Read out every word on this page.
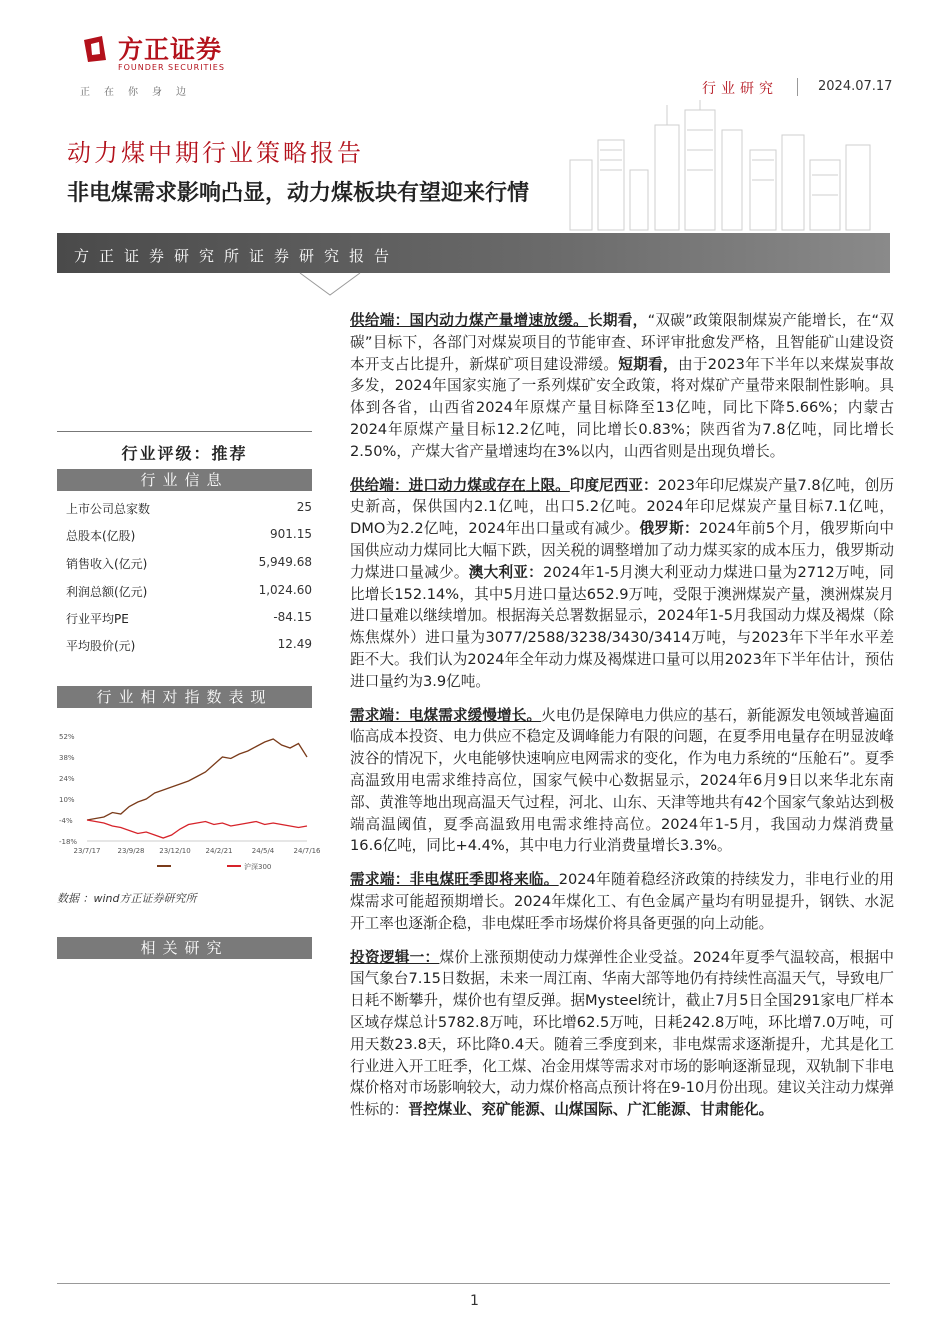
方正证券
FOUNDER SECURITIES
正在你身边	行业研究	2024.07.17
动力煤中期行业策略报告
非电煤需求影响凸显，动力煤板块有望迎来行情
方正证券研究所证券研究报告
行业评级：推荐
行业信息
上市公司总家数	25
总股本(亿股)	901.15
销售收入(亿元)	5,949.68
利润总额(亿元)	1,024.60
行业平均PE	-84.15
平均股价(元)	12.49
行业相对指数表现
52%
38%
24%
10%
-4%
-18%
23/7/17 23/9/28 23/12/10 24/2/21	24/5/4	24/7/16
沪深300
数据 ：wind方正证券研究所
相关研究

供给端：国内动力煤产量增速放缓。长期看，“双碳”政策限制煤炭产能增长，在“双碳”目标下，各部门对煤炭项目的节能审查、环评审批愈发严格，且智能矿山建设资本开支占比提升，新煤矿项目建设滞缓。短期看，由于2023年下半年以来煤炭事故多发，2024年国家实施了一系列煤矿安全政策，将对煤矿产量带来限制性影响。具体到各省，山西省2024年原煤产量目标降至13亿吨，同比下降5.66%；内蒙古2024年原煤产量目标12.2亿吨，同比增长0.83%；陕西省为7.8亿吨，同比增长2.50%，产煤大省产量增速均在3%以内，山西省则是出现负增长。

供给端：进口动力煤或存在上限。印度尼西亚：2023年印尼煤炭产量7.8亿吨，创历史新高，保供国内2.1亿吨，出口5.2亿吨。2024年印尼煤炭产量目标7.1亿吨，DMO为2.2亿吨，2024年出口量或有减少。俄罗斯：2024年前5个月，俄罗斯向中国供应动力煤同比大幅下跌，因关税的调整增加了动力煤买家的成本压力，俄罗斯动力煤进口量减少。澳大利亚：2024年1-5月澳大利亚动力煤进口量为2712万吨，同比增长152.14%，其中5月进口量达652.9万吨，受限于澳洲煤炭产量，澳洲煤炭月进口量难以继续增加。根据海关总署数据显示，2024年1-5月我国动力煤及褐煤（除炼焦煤外）进口量为3077/2588/3238/3430/3414万吨，与2023年下半年水平差距不大。我们认为2024年全年动力煤及褐煤进口量可以用2023年下半年估计，预估进口量约为3.9亿吨。

需求端：电煤需求缓慢增长。火电仍是保障电力供应的基石，新能源发电领域普遍面临高成本投资、电力供应不稳定及调峰能力有限的问题，在夏季用电量存在明显波峰波谷的情况下，火电能够快速响应电网需求的变化，作为电力系统的“压舱石”。夏季高温致用电需求维持高位，国家气候中心数据显示，2024年6月9日以来华北东南部、黄淮等地出现高温天气过程，河北、山东、天津等地共有42个国家气象站达到极端高温阈值，夏季高温致用电需求维持高位。2024年1-5月，我国动力煤消费量16.6亿吨，同比+4.4%，其中电力行业消费量增长3.3%。

需求端：非电煤旺季即将来临。2024年随着稳经济政策的持续发力，非电行业的用煤需求可能超预期增长。2024年煤化工、有色金属产量均有明显提升，钢铁、水泥开工率也逐渐企稳，非电煤旺季市场煤价将具备更强的向上动能。

投资逻辑一：煤价上涨预期使动力煤弹性企业受益。2024年夏季气温较高，根据中国气象台7.15日数据，未来一周江南、华南大部等地仍有持续性高温天气，导致电厂日耗不断攀升，煤价也有望反弹。据Mysteel统计，截止7月5日全国291家电厂样本区域存煤总计5782.8万吨，环比增62.5万吨，日耗242.8万吨，环比增7.0万吨，可用天数23.8天，环比降0.4天。随着三季度到来，非电煤需求逐渐提升，尤其是化工行业进入开工旺季，化工煤、冶金用煤等需求对市场的影响逐渐显现，双轨制下非电煤价格对市场影响较大，动力煤价格高点预计将在9-10月份出现。建议关注动力煤弹性标的：晋控煤业、兖矿能源、山煤国际、广汇能源、甘肃能化。

1
